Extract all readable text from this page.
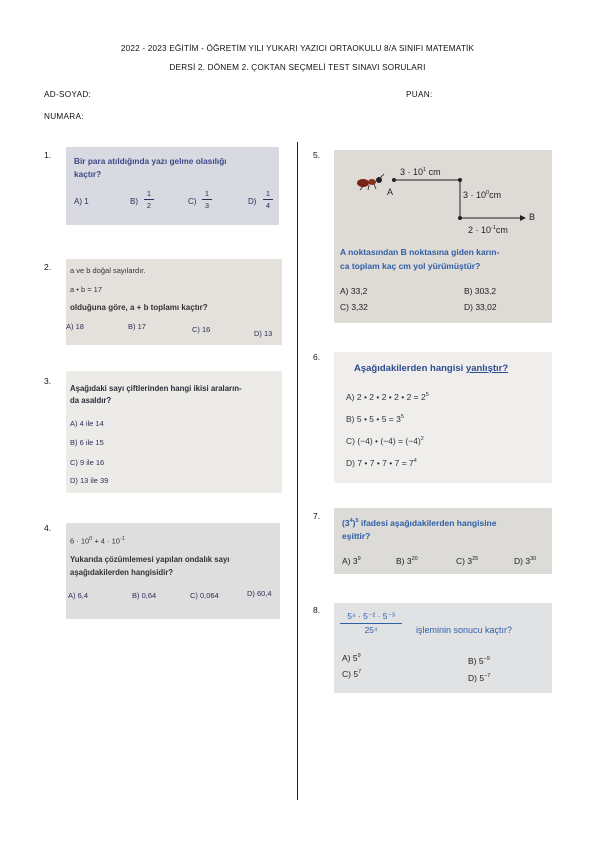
2022 - 2023 EĞİTİM - ÖĞRETİM YILI YUKARI YAZICI ORTAOKULU 8/A SINIFI MATEMATİK
DERSİ 2. DÖNEM 2. ÇOKTAN SEÇMELİ TEST SINAVI SORULARI
AD-SOYAD:	PUAN:
NUMARA:
1.
Bir para atıldığında yazı gelme olasılığı
kaçtır?
A) 1	B)
1
2	C)
1
3	D)
1
4
2.	a ve b doğal sayılardır.
a • b = 17
olduğuna göre, a + b toplamı kaçtır?
A) 18	B) 17	C) 16	D) 13
3.
Aşağıdaki sayı çiftlerinden hangi ikisi araların-
da asaldır?
A) 4 ile 14
B) 6 ile 15
C) 9 ile 16
D) 13 ile 39
4.
$6 \cdot 10^0 + 4 \cdot 10^{-1}$
Yukarıda çözümlemesi yapılan ondalık sayı
aşağıdakilerden hangisidir?
A) 6,4	B) 0,64	C) 0,064	D) 60,4
5.
$3 \cdot 10^1$ cm
$3 \cdot 10^0cm$
$2 \cdot 10^{-1}cm$
A
B
A noktasından B noktasına giden karın-
ca toplam kaç cm yol yürümüştür?
A) 33,2	B) 303,2
C) 3,32	D) 33,02
6.
Aşağıdakilerden hangisi yanlıştır?
A) 2 • 2 • 2 • 2 • $2 = 2^5$
B) 5 • 5 • $5 = 3^5$
C) (−4) • $(-4) = (-4)^2$
D) 7 • 7 • 7 • $7 = 7^4$
7.
$(3^4)^5$ ifadesi aşağıdakilerden hangisine
eşittir?
A) $3^9$	B) $3^{20}$	C) $3^{25}$	D) $3^{30}$
8.
5⁴ · 5⁻² · 5⁻³
25⁴	işleminin sonucu kaçtır?
A) $5^9$	B) $5^{-9}$
C) $5^7$
D) $5^{-7}$
